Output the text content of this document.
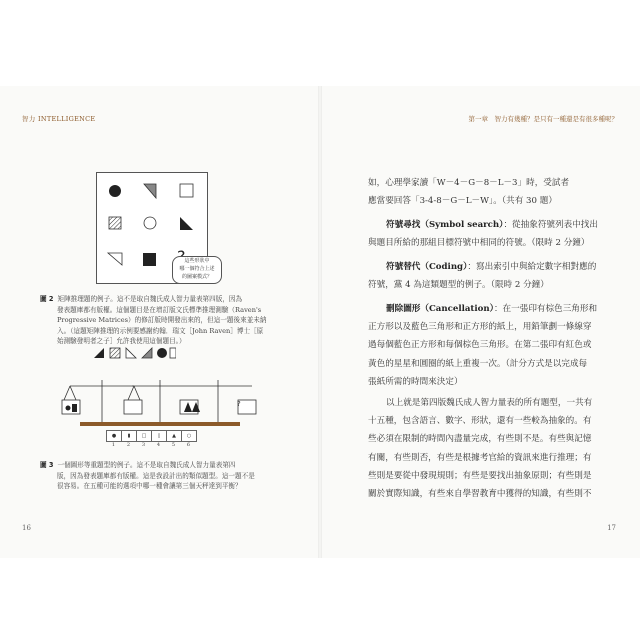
智力 INTELLIGENCE
這些形狀中
哪一個符合上述
的圖案模式？
圖 2 矩陣推理題的例子。這不是取自魏氏成人智力量表第四版，因為
發表題庫都有版權。這個題目是在增訂版文氏標準推理測驗（Raven's
Progressive Matrices）的修訂版時開發出來的，但這一題後來並未納
入。（這題矩陣推理的示例要感謝約翰．瑞文［John Raven］博士［原
始測驗發明者之子］允許我使用這個題目。）
?
●	▮	□	▯	▲	○
1	2	3	4	5	6
圖 3 一個圖形等重題型的例子。這不是取自魏氏成人智力量表第四
版，因為發表題庫都有版權。這是我設計出的類似題型。這一題不是
很容易。在五種可能的選項中哪一種會讓第三個天秤達到平衡？
16
第一章　智力有幾種？是只有一種還是有很多種呢？
如，心理學家讀「W－4－G－8－L－3」時，受試者
應當要回答「3-4-8－G－L－W」。（共有 30 題）
符號尋找（Symbol search）：從抽象符號列表中找出
與題目所給的那組目標符號中相同的符號。（限時 2 分鐘）
符號替代（Coding）：寫出索引中與給定數字相對應的
符號，黨 4 為這類題型的例子。（限時 2 分鐘）
刪除圖形（Cancellation）：在一張印有棕色三角形和
正方形以及藍色三角形和正方形的紙上，用鉛筆劃一條線穿
過每個藍色正方形和每個棕色三角形。在第二張印有紅色或
黃色的星星和圓圈的紙上重複一次。（計分方式是以完成每
張紙所需的時間來決定）
以上就是第四版魏氏成人智力量表的所有題型，一共有
十五種，包含語言、數字、形狀，還有一些較為抽象的。有
些必須在限制的時間內盡量完成，有些則不是。有些與記憶
有關，有些則否，有些是根據考官給的資訊來進行推理；有
些則是要從中發現規則；有些是要找出抽象原則；有些則是
關於實際知識，有些來自學習教育中獲得的知識，有些則不
17
